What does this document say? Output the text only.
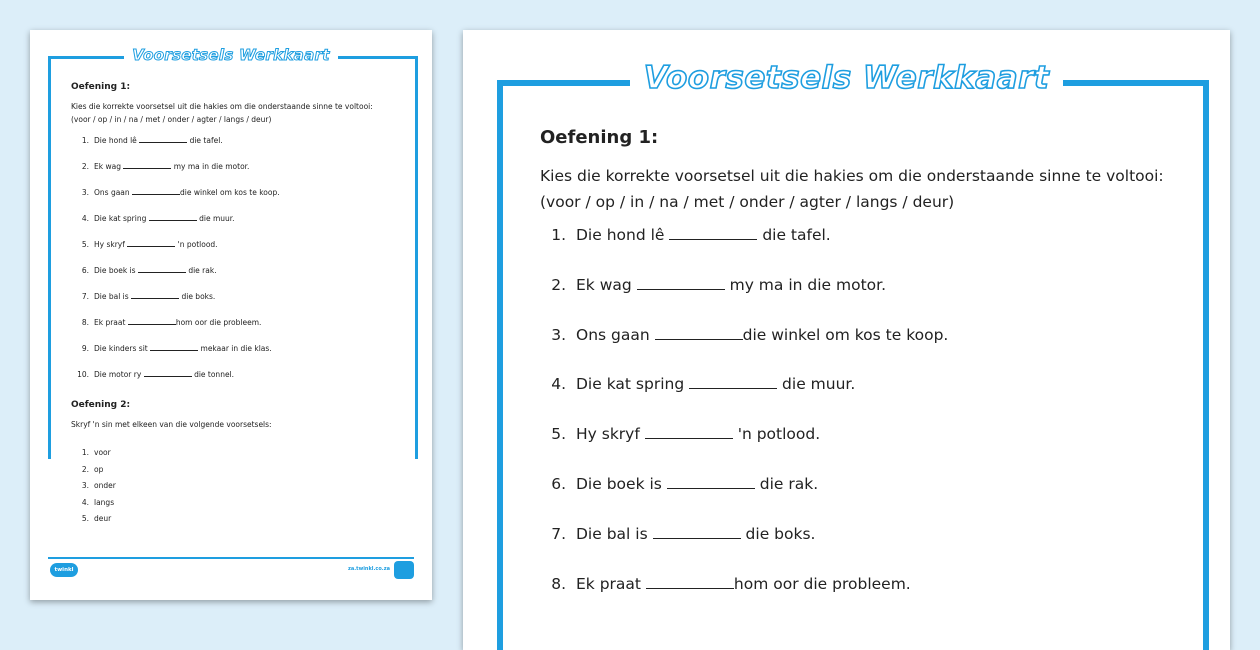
Voorsetsels Werkkaart

Oefening 1:

Kies die korrekte voorsetsel uit die hakies om die onderstaande sinne te voltooi:
(voor / op / in / na / met / onder / agter / langs / deur)

1. Die hond lê	die tafel.
2. Ek wag	my ma in die motor.
3. Ons gaan	die winkel om kos te koop.
4. Die kat spring	die muur.
5. Hy skryf	'n potlood.
6. Die boek is	die rak.
7. Die bal is	die boks.
8. Ek praat	hom oor die probleem.
9. Die kinders sit	mekaar in die klas.
10. Die motor ry	die tonnel.

Oefening 2:

Skryf 'n sin met elkeen van die volgende voorsetsels:

1. voor
2. op
3. onder
4. langs
5. deur
twinkl	za.twinkl.co.za
Voorsetsels Werkkaart

Oefening 1:

Kies die korrekte voorsetsel uit die hakies om die onderstaande sinne te voltooi:
(voor / op / in / na / met / onder / agter / langs / deur)

1. Die hond lê	die tafel.
2. Ek wag	my ma in die motor.
3. Ons gaan	die winkel om kos te koop.
4. Die kat spring	die muur.
5. Hy skryf	'n potlood.
6. Die boek is	die rak.
7. Die bal is	die boks.
8. Ek praat	hom oor die probleem.
